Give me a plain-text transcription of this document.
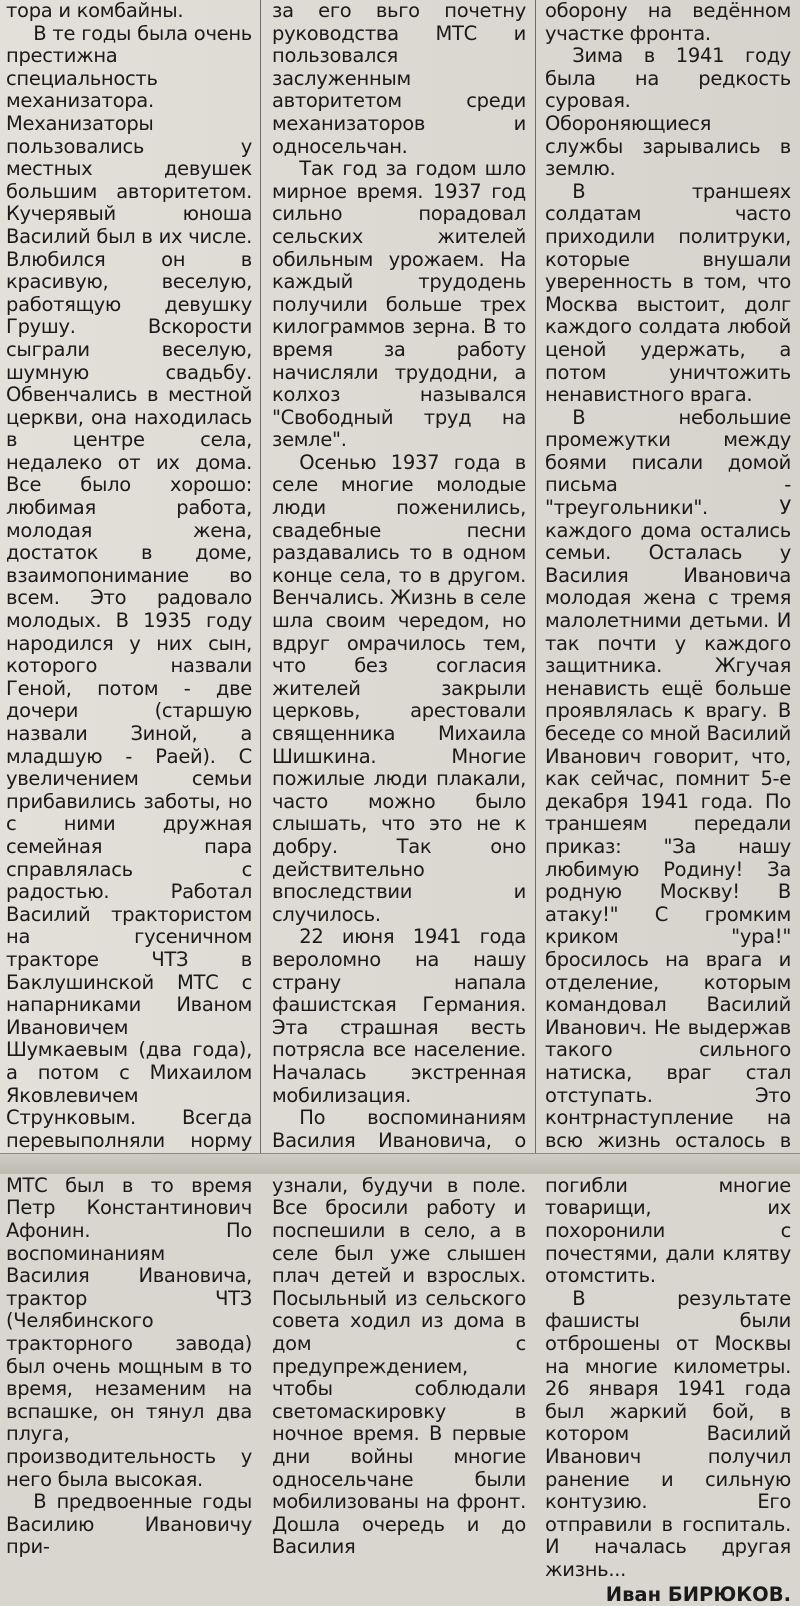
тора и комбайны.

В те годы была очень престижна специальность механизатора. Механизаторы пользовались у местных девушек большим авторитетом. Кучерявый юноша Василий был в их числе. Влюбился он в красивую, веселую, работящую девушку Грушу. Вскорости сыграли веселую, шумную свадьбу. Обвенчались в местной церкви, она находилась в центре села, недалеко от их дома. Все было хорошо: любимая работа, молодая жена, достаток в доме, взаимопонимание во всем. Это радовало молодых. В 1935 году народился у них сын, которого назвали Геной, потом - две дочери (старшую назвали Зиной, а младшую - Раей). С увеличением семьи прибавились заботы, но с ними дружная семейная пара справлялась с радостью. Работал Василий трактористом на гусеничном тракторе ЧТЗ в Баклушинской МТС с напарниками Иваном Ивановичем Шумкаевым (два года), а потом с Михаилом Яковлевичем Струнковым. Всегда перевыполняли норму МТС был в то время Петр Константинович Афонин. По воспоминаниям Василия Ивановича, трактор ЧТЗ (Челябинского тракторного завода) был очень мощным в то время, незаменим на вспашке, он тянул два плуга, производительность у него была высокая.

В предвоенные годы Василию Ивановичу при-

за его вьго почетну руководства МТС и пользовался заслуженным авторитетом среди механизаторов и односельчан.

Так год за годом шло мирное время. 1937 год сильно порадовал сельских жителей обильным урожаем. На каждый трудодень получили больше трех килограммов зерна. В то время за работу начисляли трудодни, а колхоз назывался "Свободный труд на земле".

Осенью 1937 года в селе многие молодые люди поженились, свадебные песни раздавались то в одном конце села, то в другом. Венчались. Жизнь в селе шла своим чередом, но вдруг омрачилось тем, что без согласия жителей закрыли церковь, арестовали священника Михаила Шишкина. Многие пожилые люди плакали, часто можно было слышать, что это не к добру. Так оно действительно впоследствии и случилось.

22 июня 1941 года вероломно на нашу страну напала фашистская Германия. Эта страшная весть потрясла все население. Началась экстренная мобилизация.

По воспоминаниям Василия Ивановича, о узнали, будучи в поле. Все бросили работу и поспешили в село, а в селе был уже слышен плач детей и взрослых. Посыльный из сельского совета ходил из дома в дом с предупреждением, чтобы соблюдали светомаскировку в ночное время. В первые дни войны многие односельчане были мобилизованы на фронт. Дошла очередь и до Василия

оборону на ведённом участке фронта.

Зима в 1941 году была на редкость суровая. Обороняющиеся службы зарывались в землю.

В траншеях солдатам часто приходили политруки, которые внушали уверенность в том, что Москва выстоит, долг каждого солдата любой ценой удержать, а потом уничтожить ненавистного врага.

В небольшие промежутки между боями писали домой письма - "треугольники". У каждого дома остались семьи. Осталась у Василия Ивановича молодая жена с тремя малолетними детьми. И так почти у каждого защитника. Жгучая ненависть ещё больше проявлялась к врагу. В беседе со мной Василий Иванович говорит, что, как сейчас, помнит 5-е декабря 1941 года. По траншеям передали приказ: "За нашу любимую Родину! За родную Москву! В атаку!" С громким криком "ура!" бросилось на врага и отделение, которым командовал Василий Иванович. Не выдержав такого сильного натиска, враг стал отступать. Это контрнаступление на всю жизнь осталось в погибли многие товарищи, их похоронили с почестями, дали клятву отомстить.

В результате фашисты были отброшены от Москвы на многие километры. 26 января 1941 года был жаркий бой, в котором Василий Иванович получил ранение и сильную контузию. Его отправили в госпиталь. И началась другая жизнь...

Иван БИРЮКОВ.
